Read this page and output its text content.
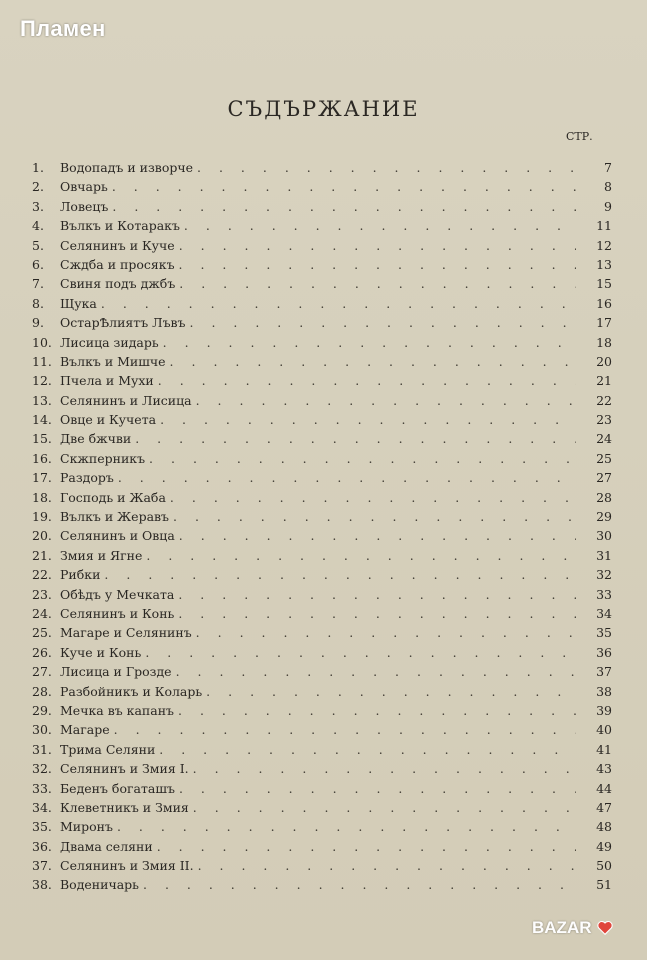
Пламен
СЪДЪРЖАНИЕ
СТР.
1.	Водопадъ и изворче . . .	7
2.	Овчарь . . .	8
3.	Ловецъ . . .	9
4.	Вълкъ и Котаракъ . . .	11
5.	Селянинъ и Куче . . .	12
6.	Сждба и просякъ . . .	13
7.	Свиня подъ джбъ . . .	15
8.	Щука . . .	16
9.	ОстарѢлиятъ Лъвъ . . .	17
10. Лисица зидарь . . .	18
11. Вълкъ и Мишче . . .	20
12. Пчела и Мухи . . .	21
13. Селянинъ и Лисица . . .	22
14. Овце и Кучета . . .	23
15. Две бжчви . . .	24
16. Скжперникъ . . .	25
17. Раздоръ . . .	27
18. Господь и Жаба . . .	28
19. Вълкъ и Жеравъ . . .	29
20. Селянинъ и Овца . . .	30
21. Змия и Ягне . . .	31
22. Рибки . . .	32
23. Обѣдъ у Мечката . . .	33
24. Селянинъ и Конь . . .	34
25. Магаре и Селянинъ . . .	35
26. Куче и Конь . . .	36
27. Лисица и Грозде . . .	37
28. Разбойникъ и Коларь . . .	38
29. Мечка въ капанъ . . .	39
30. Магаре . . .	40
31. Трима Селяни . . .	41
32. Селянинъ и Змия I. . . .	43
33. Беденъ богаташъ . . .	44
34. Клеветникъ и Змия . . .	47
35. Миронъ . . .	48
36. Двама селяни . . .	49
37. Селянинъ и Змия II. . . .	50
38. Воденичарь . . .	51
BAZAR
